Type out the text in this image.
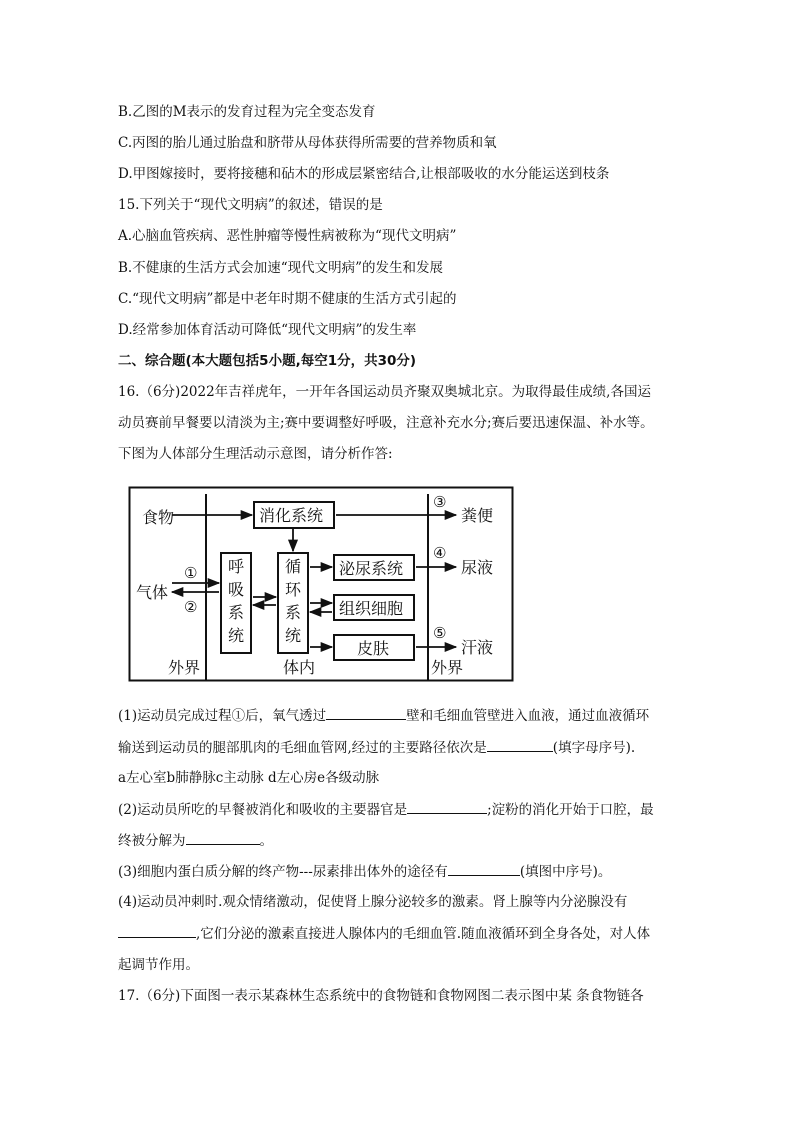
B.乙图的M表示的发育过程为完全变态发育
C.丙图的胎儿通过胎盘和脐带从母体获得所需要的营养物质和氧
D.甲图嫁接时，要将接穗和砧木的形成层紧密结合,让根部吸收的水分能运送到枝条
15.下列关于“现代文明病”的叙述，错误的是
A.心脑血管疾病、恶性肿瘤等慢性病被称为“现代文明病”
B.不健康的生活方式会加速“现代文明病”的发生和发展
C.“现代文明病”都是中老年时期不健康的生活方式引起的
D.经常参加体育活动可降低“现代文明病”的发生率
二、综合题(本大题包括5小题,每空1分，共30分)
16.（6分)2022年吉祥虎年，一开年各国运动员齐聚双奥城北京。为取得最佳成绩,各国运
动员赛前早餐要以清淡为主;赛中要调整好呼吸，注意补充水分;赛后要迅速保温、补水等。
下图为人体部分生理活动示意图，请分析作答:
食物
气体
外界	体内	外界
消化系统
呼
吸
系
统
循
环
系
统
泌尿系统
组织细胞
皮肤
粪便
③
①
②
尿液
④
汗液
⑤
(1)运动员完成过程①后，氧气透过	壁和毛细血管壁进入血液，通过血液循环
输送到运动员的腿部肌肉的毛细血管网,经过的主要路径依次是	(填字母序号).
a左心室b肺静脉c主动脉 d左心房e各级动脉
(2)运动员所吃的早餐被消化和吸收的主要器官是	;淀粉的消化开始于口腔，最
终被分解为	。
(3)细胞内蛋白质分解的终产物---尿素排出体外的途径有	(填图中序号)。
(4)运动员冲刺时.观众情绪激动，促使肾上腺分泌较多的激素。肾上腺等内分泌腺没有
,它们分泌的激素直接进人腺体内的毛细血管.随血液循环到全身各处，对人体
起调节作用。
17.（6分)下面图一表示某森林生态系统中的食物链和食物网图二表示图中某 条食物链各
